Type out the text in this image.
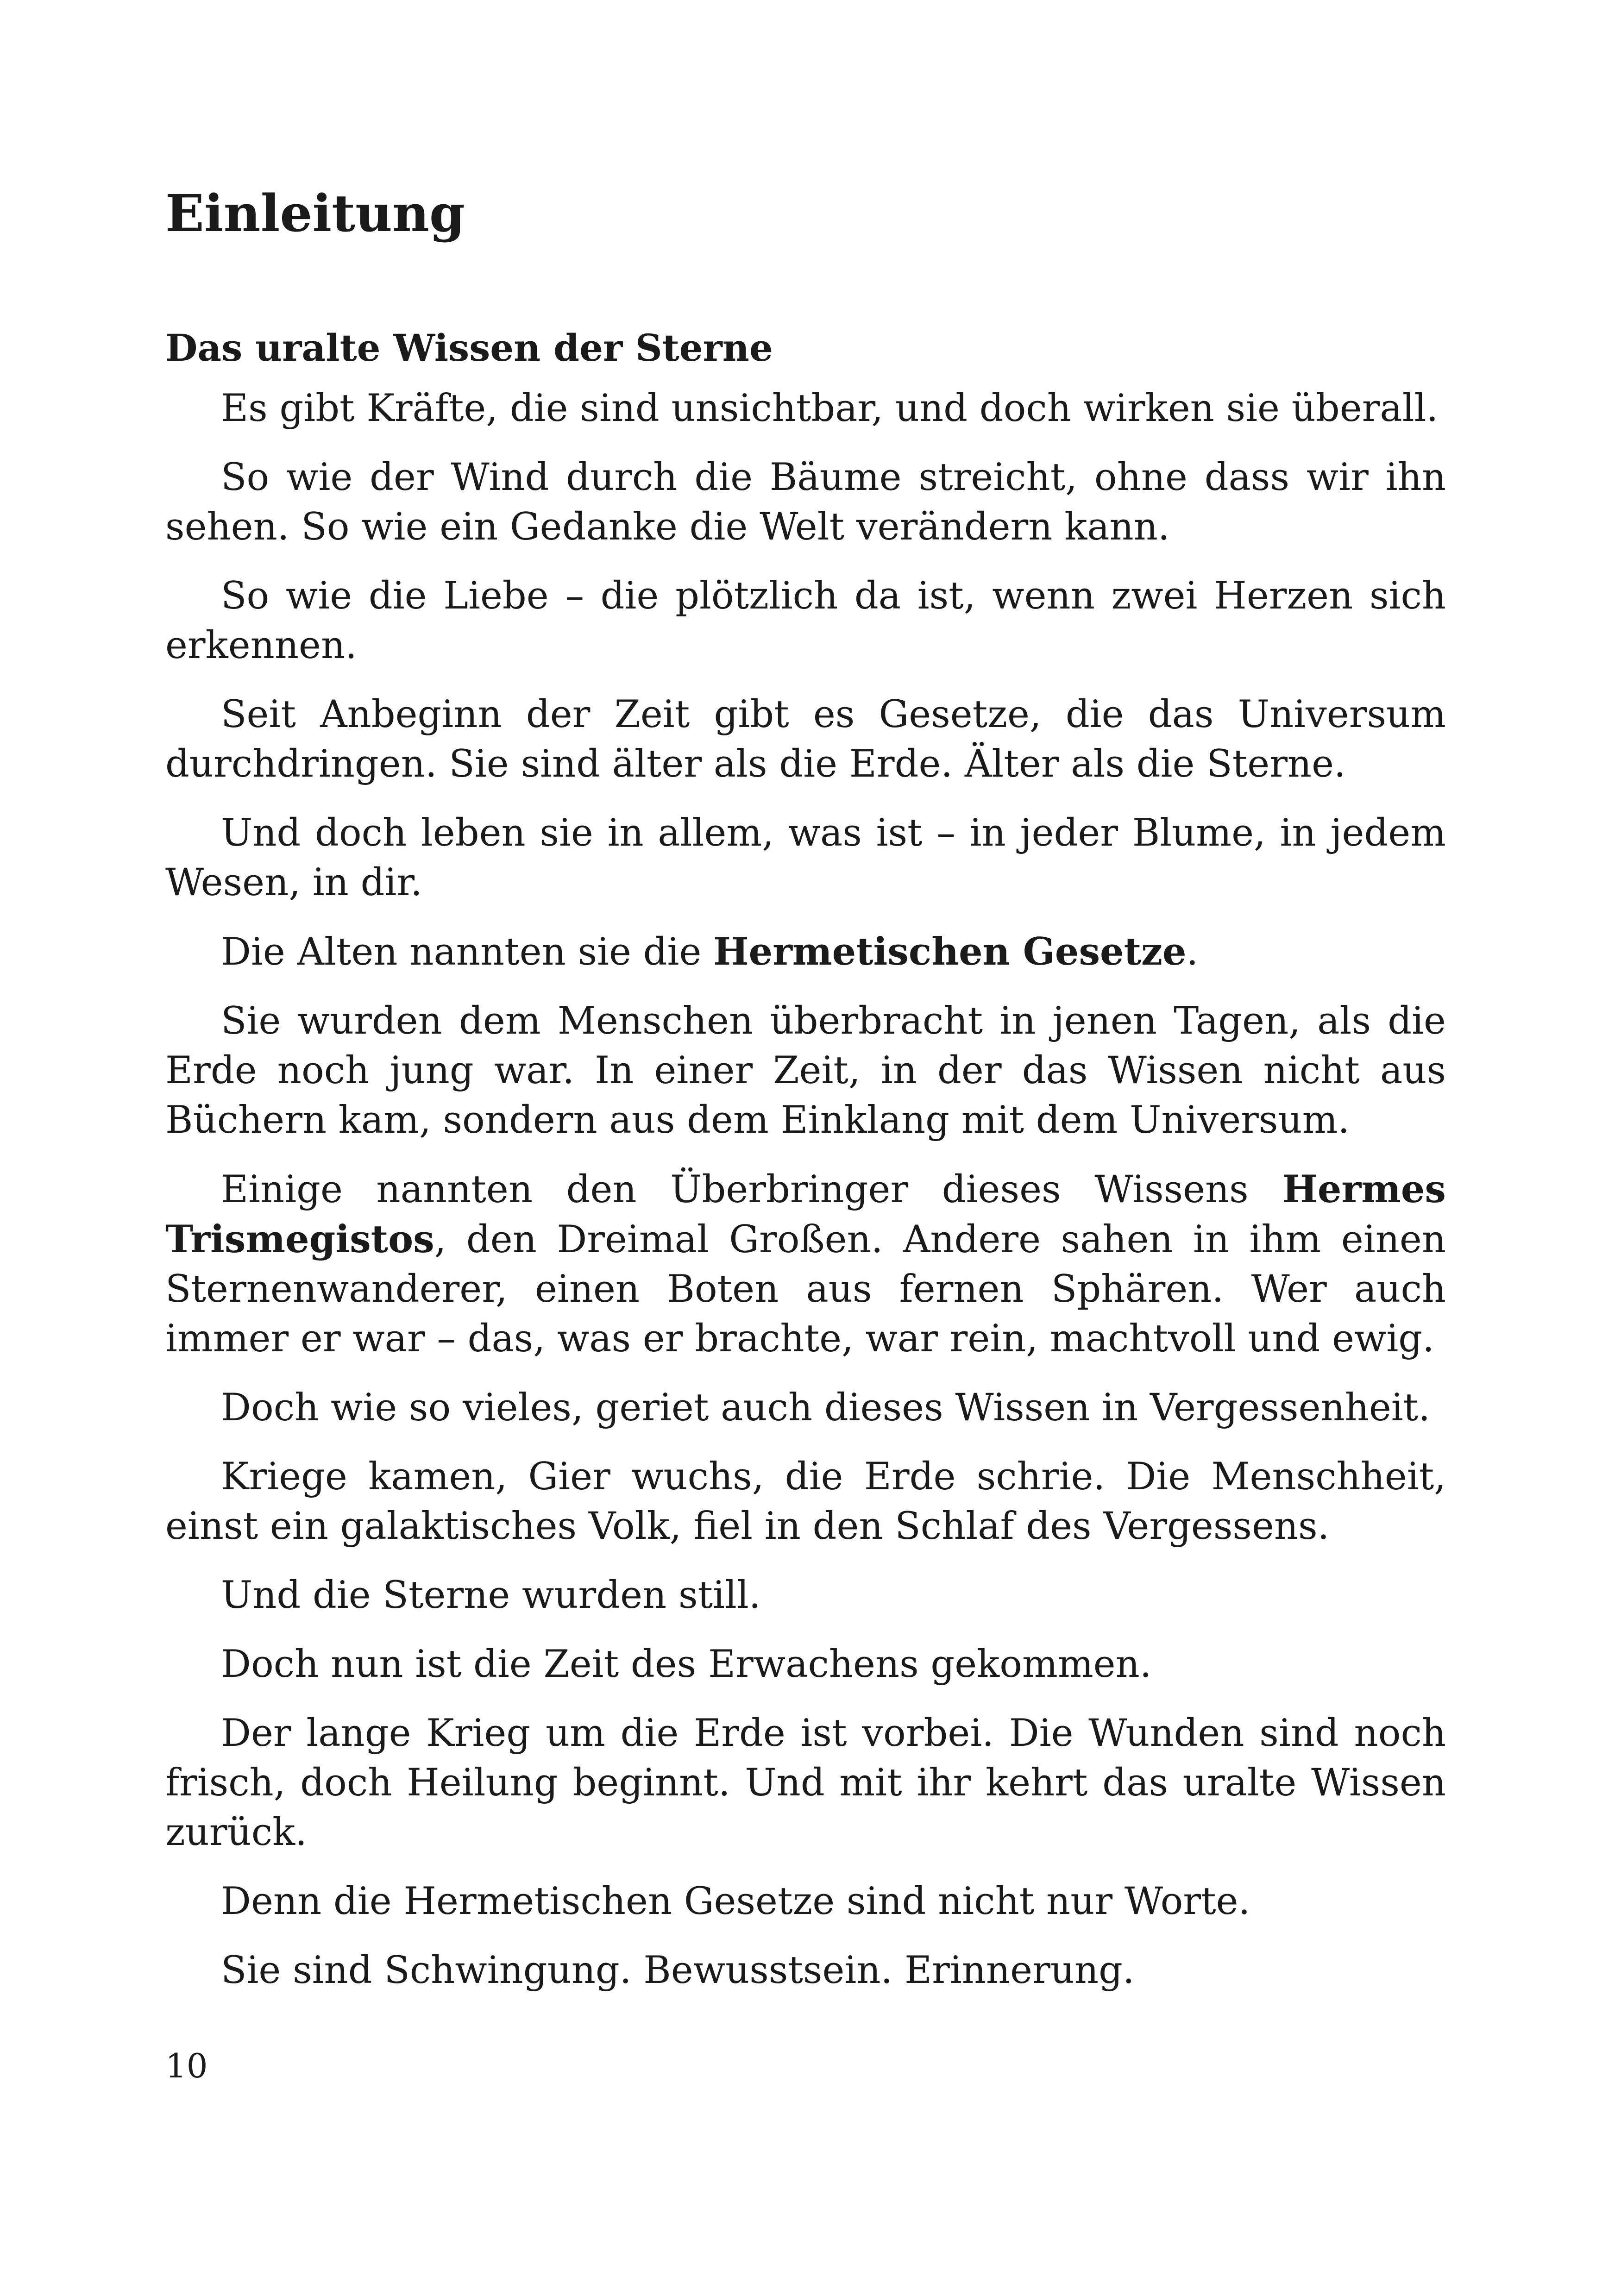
Einleitung
Das uralte Wissen der Sterne

Es gibt Kräfte, die sind unsichtbar, und doch wirken sie überall.

So wie der Wind durch die Bäume streicht, ohne dass wir ihn sehen. So wie ein Gedanke die Welt verändern kann.

So wie die Liebe – die plötzlich da ist, wenn zwei Herzen sich erkennen.

Seit Anbeginn der Zeit gibt es Gesetze, die das Universum durchdringen. Sie sind älter als die Erde. Älter als die Sterne.

Und doch leben sie in allem, was ist – in jeder Blume, in jedem Wesen, in dir.

Die Alten nannten sie die Hermetischen Gesetze.

Sie wurden dem Menschen überbracht in jenen Tagen, als die Erde noch jung war. In einer Zeit, in der das Wissen nicht aus Büchern kam, sondern aus dem Einklang mit dem Universum.

Einige nannten den Überbringer dieses Wissens Hermes Trismegistos, den Dreimal Großen. Andere sahen in ihm einen Sternenwanderer, einen Boten aus fernen Sphären. Wer auch immer er war – das, was er brachte, war rein, machtvoll und ewig.

Doch wie so vieles, geriet auch dieses Wissen in Vergessenheit.

Kriege kamen, Gier wuchs, die Erde schrie. Die Menschheit, einst ein galaktisches Volk, fiel in den Schlaf des Vergessens.

Und die Sterne wurden still.

Doch nun ist die Zeit des Erwachens gekommen.

Der lange Krieg um die Erde ist vorbei. Die Wunden sind noch frisch, doch Heilung beginnt. Und mit ihr kehrt das uralte Wissen zurück.

Denn die Hermetischen Gesetze sind nicht nur Worte.

Sie sind Schwingung. Bewusstsein. Erinnerung.

10
